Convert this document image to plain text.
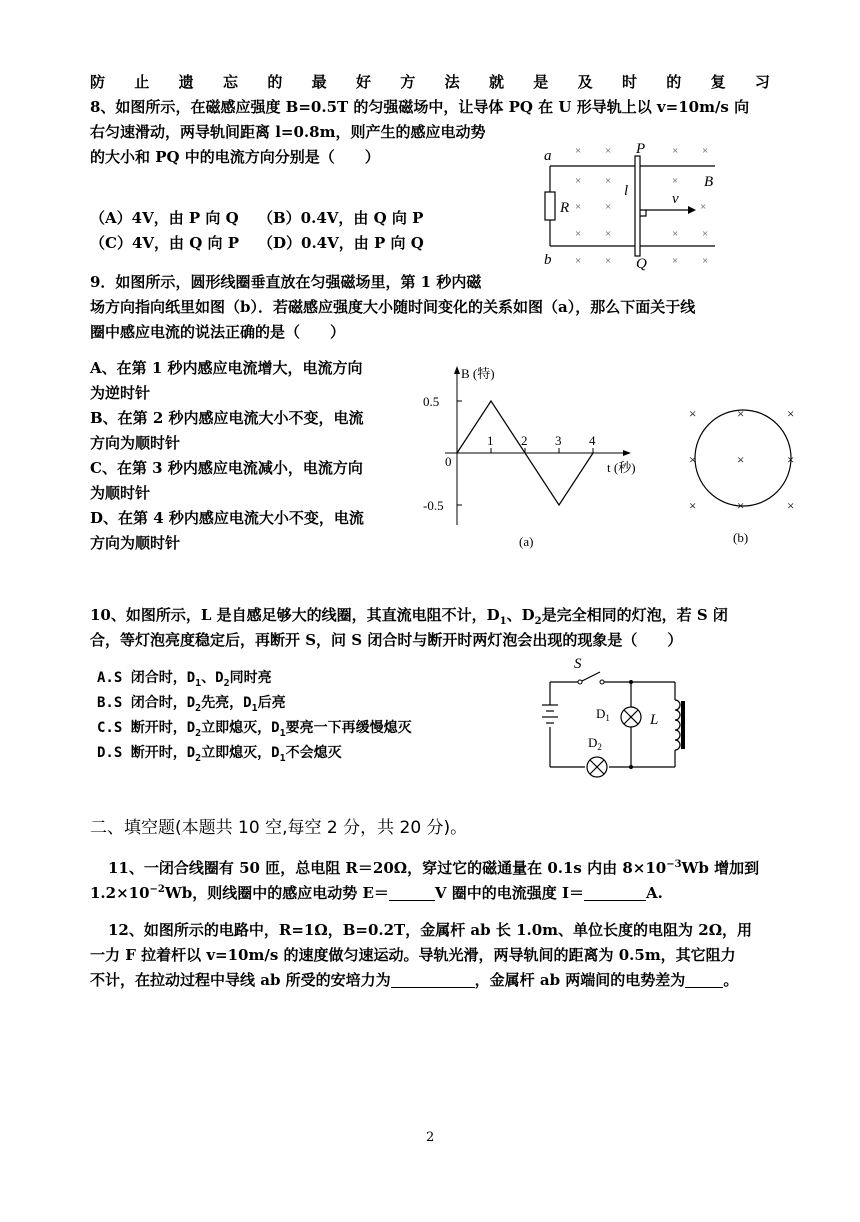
防 止 遗 忘 的 最 好 方 法 就 是 及 时 的 复 习
8、如图所示，在磁感应强度 B=0.5T 的匀强磁场中，让导体 PQ 在 U 形导轨上以 v=10m/s 向
右匀速滑动，两导轨间距离 l=0.8m，则产生的感应电动势
的大小和 PQ 中的电流方向分别是（　　）
（A）4V，由 P 向 Q （B）0.4V，由 Q 向 P
（C）4V，由 Q 向 P （D）0.4V，由 P 向 Q
× ×	× ×
× ×	×
× ×	×
× ×	× ×
× ×	× ×
a
b
P
Q
l	v
B
R
9．如图所示，圆形线圈垂直放在匀强磁场里，第 1 秒内磁
场方向指向纸里如图（b）．若磁感应强度大小随时间变化的关系如图（a），那么下面关于线
圈中感应电流的说法正确的是（　　）
A、在第 1 秒内感应电流增大，电流方向
为逆时针
B、在第 2 秒内感应电流大小不变，电流
方向为顺时针
C、在第 3 秒内感应电流减小，电流方向
为顺时针
D、在第 4 秒内感应电流大小不变，电流
方向为顺时针
1 2 3 4
0.5
-0.5
B (特)
t (秒)
0
(a)
×	×	×
×	×	×
×	×	×
(b)
10、如图所示，L 是自感足够大的线圈，其直流电阻不计，$D_1$、$D_2$是完全相同的灯泡，若 S 闭
合，等灯泡亮度稳定后，再断开 S，问 S 闭合时与断开时两灯泡会出现的现象是（　　）
A.S 闭合时，$D_1$、$D_2$同时亮
B.S 闭合时，$D_2$先亮，$D_1$后亮
C.S 断开时，$D_2$立即熄灭，$D_1$要亮一下再缓慢熄灭
D.S 断开时，$D_2$立即熄灭，$D_1$不会熄灭
S
$D_1$
$D_2$
L
二、填空题(本题共 10 空,每空 2 分，共 20 分)。
11、一闭合线圈有 50 匝，总电阻 R＝20Ω，穿过它的磁通量在 0.1s 内由 $8\times 10^{-3}Wb$ 增加到
$1.2\times 10^{-2}Wb$，则线圈中的感应电动势 E＝	V 圈中的电流强度 I＝	A.
12、如图所示的电路中，R=1Ω，B=0.2T，金属杆 ab 长 1.0m、单位长度的电阻为 2Ω，用
一力 F 拉着杆以 v=10m/s 的速度做匀速运动。导轨光滑，两导轨间的距离为 0.5m，其它阻力
不计，在拉动过程中导线 ab 所受的安培力为	，金属杆 ab 两端间的电势差为	。
2
